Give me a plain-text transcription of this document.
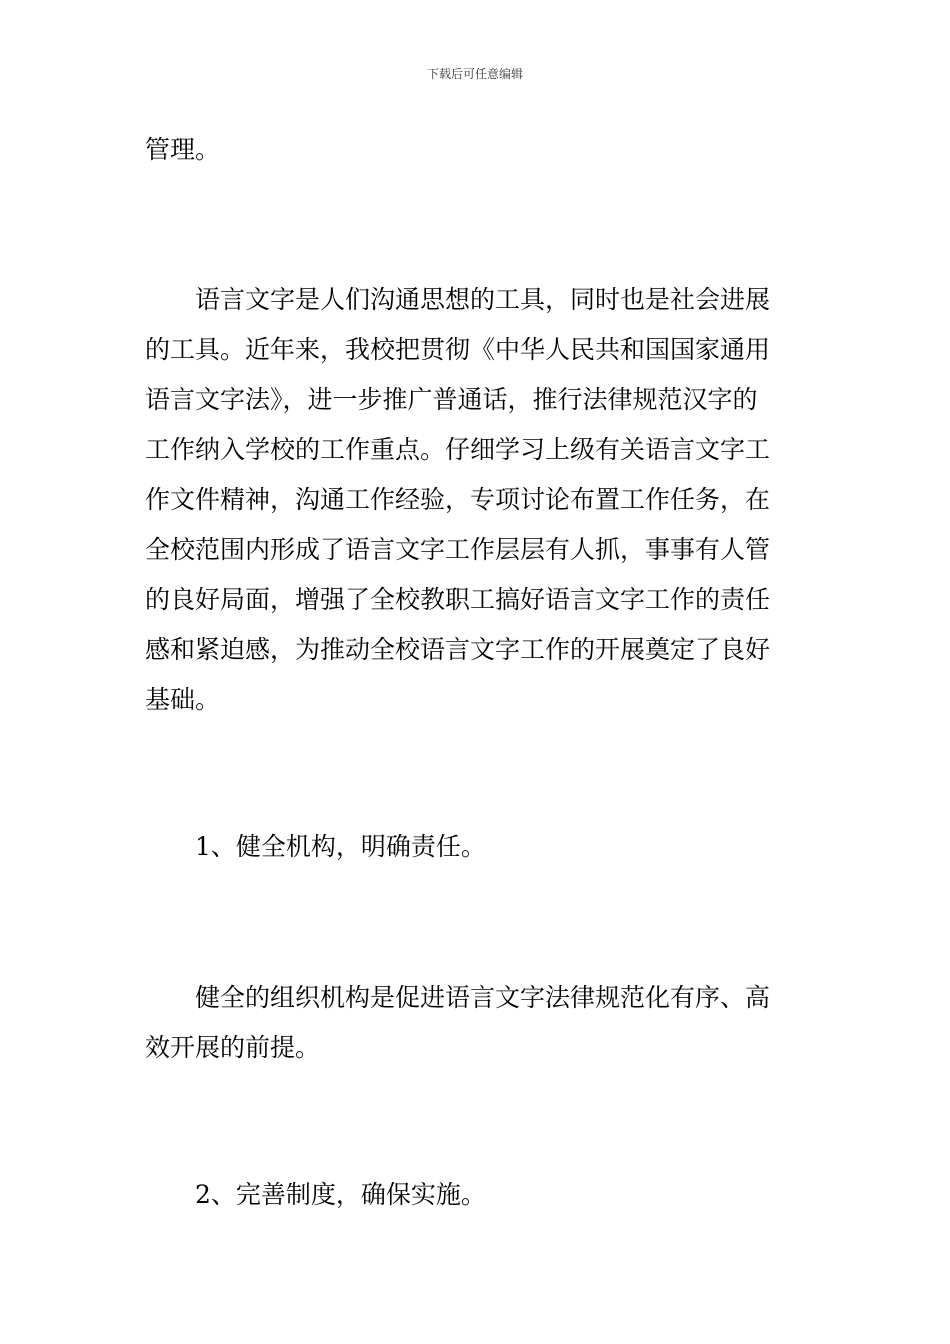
下载后可任意编辑

管理。

语言文字是人们沟通思想的工具，同时也是社会进展
的工具。近年来，我校把贯彻《中华人民共和国国家通用
语言文字法》，进一步推广普通话，推行法律规范汉字的
工作纳入学校的工作重点。仔细学习上级有关语言文字工
作文件精神，沟通工作经验，专项讨论布置工作任务，在
全校范围内形成了语言文字工作层层有人抓，事事有人管
的良好局面，增强了全校教职工搞好语言文字工作的责任
感和紧迫感，为推动全校语言文字工作的开展奠定了良好
基础。
1、健全机构，明确责任。
健全的组织机构是促进语言文字法律规范化有序、高
效开展的前提。
2、完善制度，确保实施。
